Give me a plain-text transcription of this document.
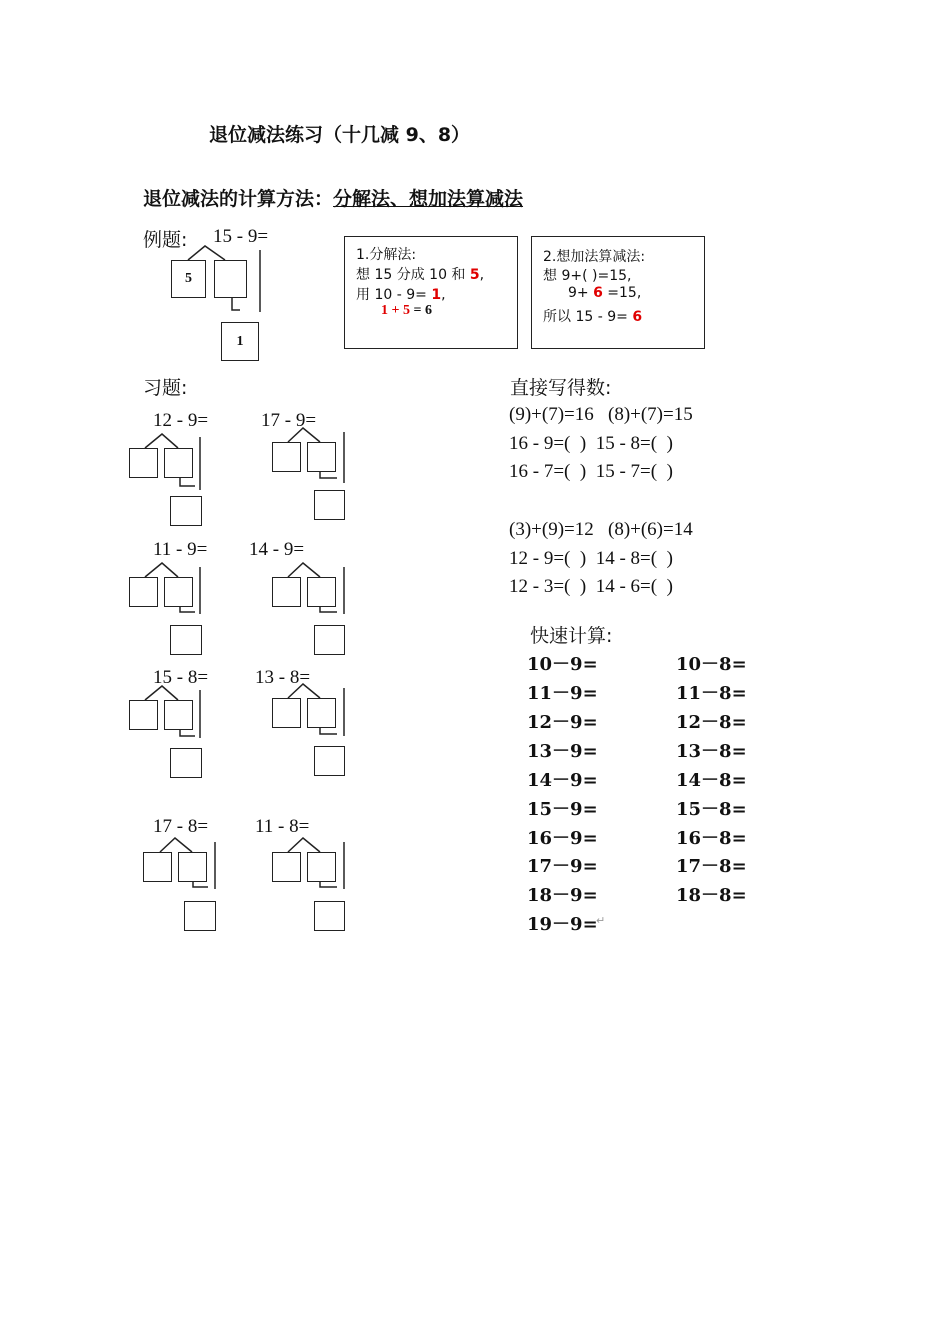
退位减法练习（十几减 9、8）
退位减法的计算方法：分解法、想加法算减法
例题: 15 - 9=
5
1
1.分解法:
想 15 分成 10 和 5,
用 10 - 9= 1,
1 + 5 = 6
2.想加法算减法:
想 9+( )=15,
9+ 6 =15,
所以 15 - 9= 6
习题:
12 - 9=	17 - 9=
11 - 9= 14 - 9=
15 - 8= 13 - 8=
17 - 8= 11 - 8=
直接写得数:
(9)+(7)=16   (8)+(7)=15
16 - 9=(  )  15 - 8=(  )
16 - 7=(  )  15 - 7=(  )
(3)+(9)=12   (8)+(6)=14
12 - 9=(  )  14 - 8=(  )
12 - 3=(  )  14 - 6=(  )
快速计算:
10－9=
11－9=
12－9=
13－9=
14－9=
15－9=
16－9=
17－9=
18－9=
19－9=
↵
10－8=
11－8=
12－8=
13－8=
14－8=
15－8=
16－8=
17－8=
18－8=
